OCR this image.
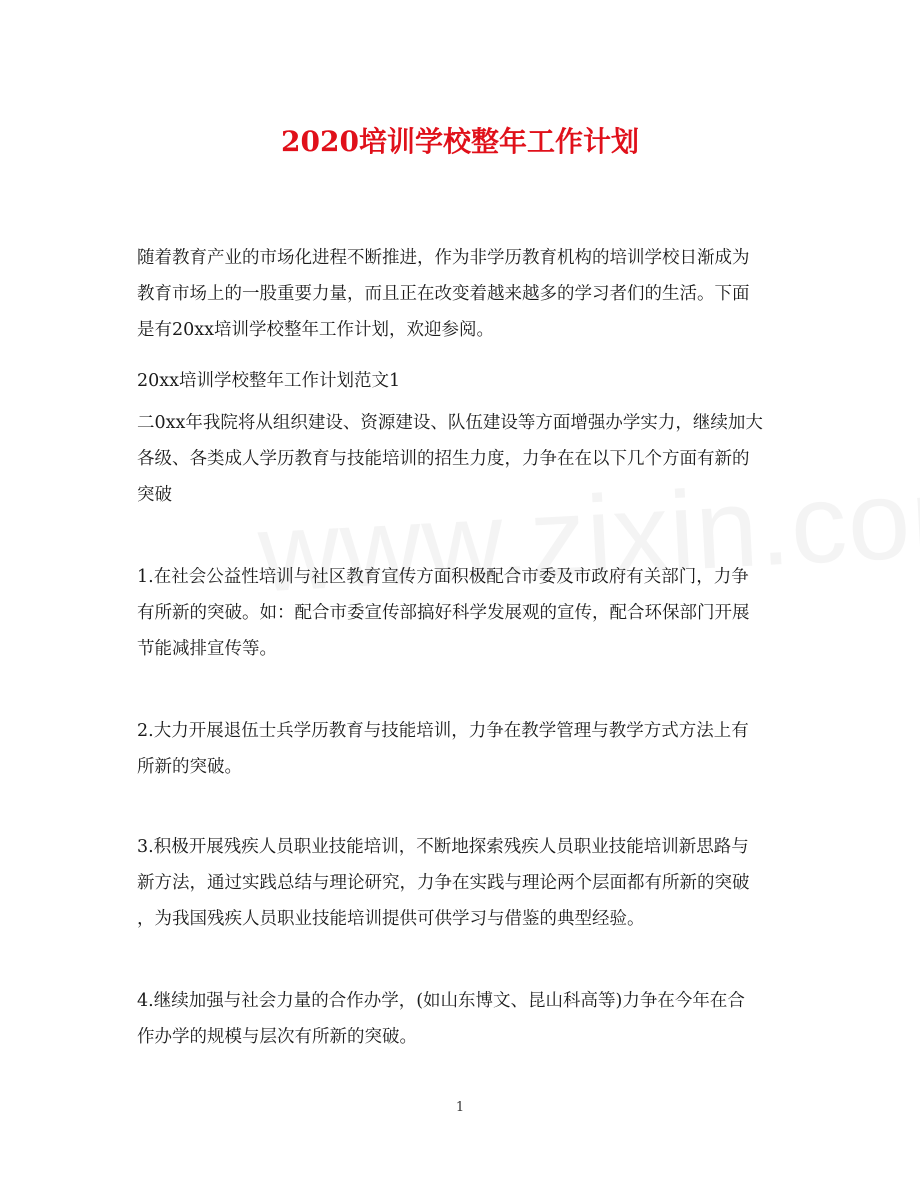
2020培训学校整年工作计划

随着教育产业的市场化进程不断推进，作为非学历教育机构的培训学校日渐成为
教育市场上的一股重要力量，而且正在改变着越来越多的学习者们的生活。下面
是有20xx培训学校整年工作计划，欢迎参阅。

20xx培训学校整年工作计划范文1

二0xx年我院将从组织建设、资源建设、队伍建设等方面增强办学实力，继续加大
各级、各类成人学历教育与技能培训的招生力度，力争在在以下几个方面有新的
突破

1.在社会公益性培训与社区教育宣传方面积极配合市委及市政府有关部门，力争
有所新的突破。如：配合市委宣传部搞好科学发展观的宣传，配合环保部门开展
节能减排宣传等。

2.大力开展退伍士兵学历教育与技能培训，力争在教学管理与教学方式方法上有
所新的突破。

3.积极开展残疾人员职业技能培训，不断地探索残疾人员职业技能培训新思路与
新方法，通过实践总结与理论研究，力争在实践与理论两个层面都有所新的突破
，为我国残疾人员职业技能培训提供可供学习与借鉴的典型经验。

4.继续加强与社会力量的合作办学，(如山东博文、昆山科高等)力争在今年在合
作办学的规模与层次有所新的突破。

1
